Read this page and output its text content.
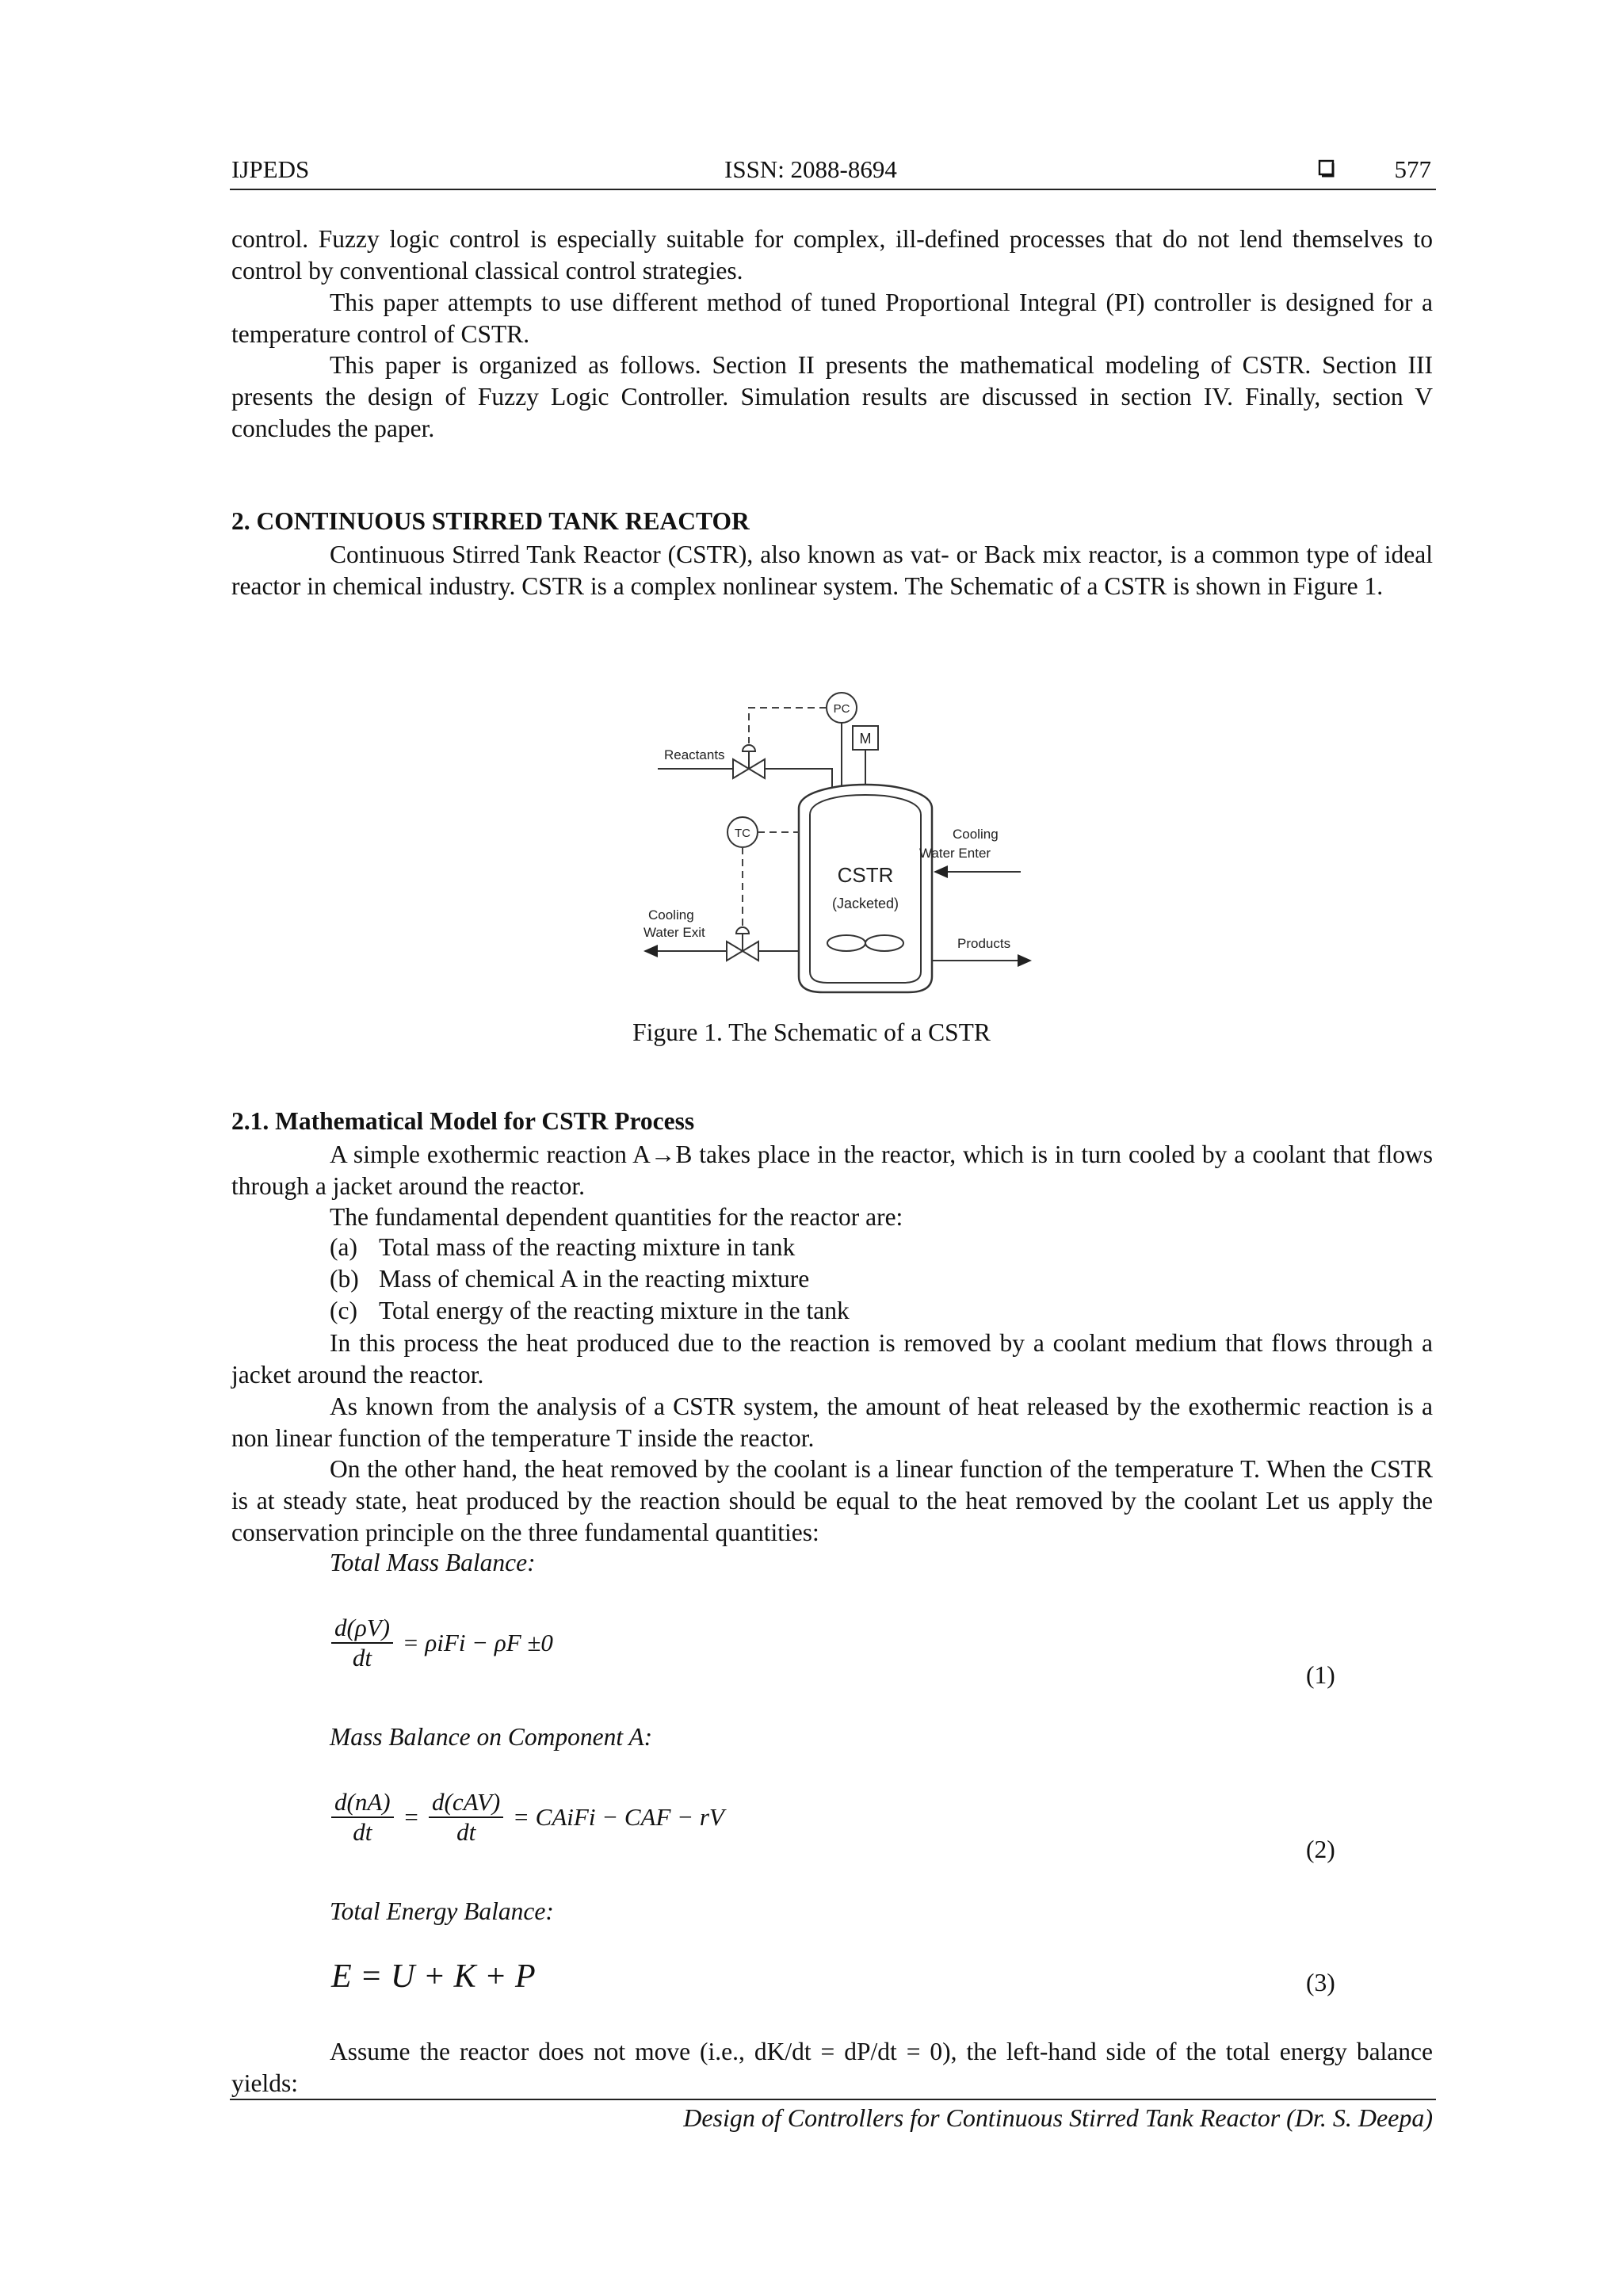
IJPEDS	ISSN: 2088-8694	577

control. Fuzzy logic control is especially suitable for complex, ill-defined processes that do not lend themselves to control by conventional classical control strategies.

This paper attempts to use different method of tuned Proportional Integral (PI) controller is designed for a temperature control of CSTR.

This paper is organized as follows. Section II presents the mathematical modeling of CSTR. Section III presents the design of Fuzzy Logic Controller. Simulation results are discussed in section IV. Finally, section V concludes the paper.

2. CONTINUOUS STIRRED TANK REACTOR

Continuous Stirred Tank Reactor (CSTR), also known as vat- or Back mix reactor, is a common type of ideal reactor in chemical industry. CSTR is a complex nonlinear system. The Schematic of a CSTR is shown in Figure 1.

PC
M
Reactants
CSTR
(Jacketed)
TC	Cooling
Water Enter
Cooling
Water Exit
Products
Figure 1. The Schematic of a CSTR

2.1. Mathematical Model for CSTR Process

A simple exothermic reaction A→B takes place in the reactor, which is in turn cooled by a coolant that flows through a jacket around the reactor.

The fundamental dependent quantities for the reactor are:

(a) Total mass of the reacting mixture in tank

(b) Mass of chemical A in the reacting mixture

(c) Total energy of the reacting mixture in the tank

In this process the heat produced due to the reaction is removed by a coolant medium that flows through a jacket around the reactor.

As known from the analysis of a CSTR system, the amount of heat released by the exothermic reaction is a non linear function of the temperature T inside the reactor.

On the other hand, the heat removed by the coolant is a linear function of the temperature T. When the CSTR is at steady state, heat produced by the reaction should be equal to the heat removed by the coolant Let us apply the conservation principle on the three fundamental quantities:

Total Mass Balance:

$\frac{d(\rho V)}{dt} = \rho iFi - \rho F \pm 0$
(1)

Mass Balance on Component A:

$\frac{d(nA)}{dt} = \frac{\text{d(cAV)}}{dt}$ = CAiFi − CAF − rV
(2)

Total Energy Balance:

E = U + K + P	(3)

Assume the reactor does not move (i.e., dK/dt = dP/dt = 0), the left-hand side of the total energy balance yields:

Design of Controllers for Continuous Stirred Tank Reactor (Dr. S. Deepa)
